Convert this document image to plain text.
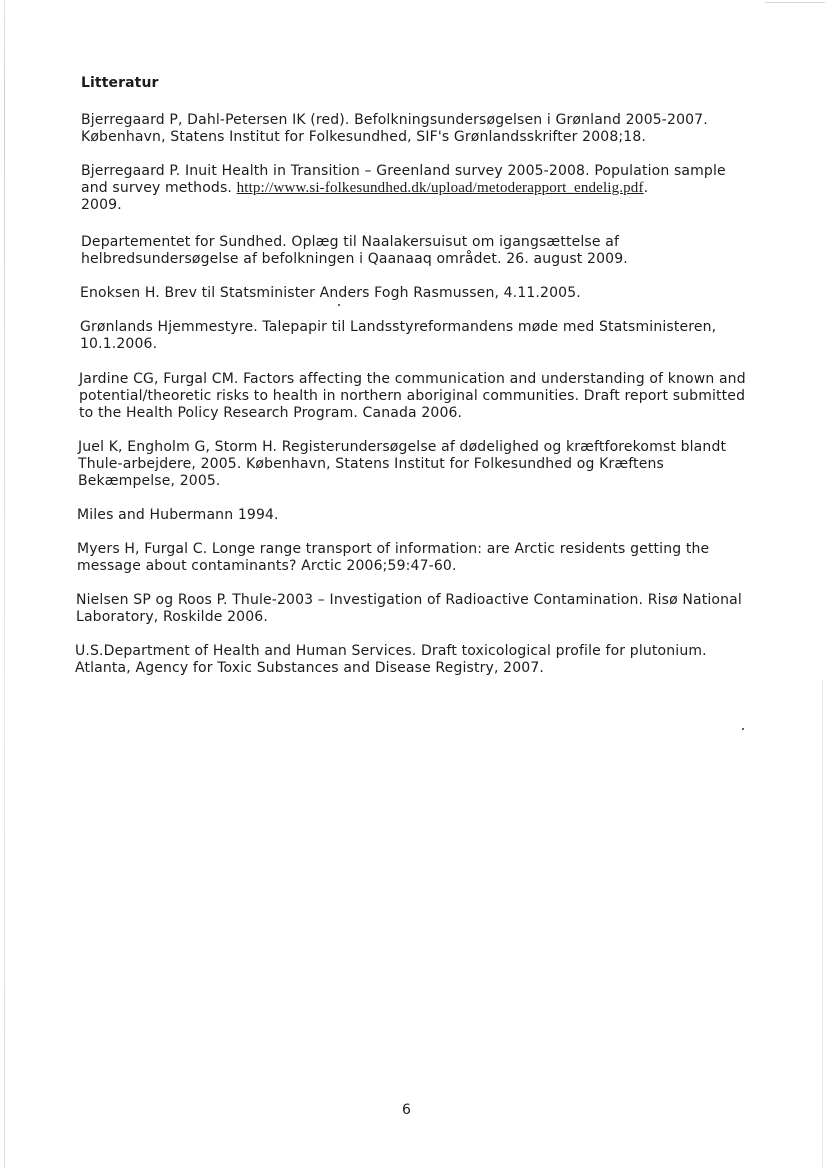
Litteratur
Bjerregaard P, Dahl-Petersen IK (red). Befolkningsundersøgelsen i Grønland 2005-2007.
København, Statens Institut for Folkesundhed, SIF's Grønlandsskrifter 2008;18.
Bjerregaard P. Inuit Health in Transition – Greenland survey 2005-2008. Population sample
and survey methods. http://www.si-folkesundhed.dk/upload/metoderapport_endelig.pdf.
2009.
Departementet for Sundhed. Oplæg til Naalakersuisut om igangsættelse af
helbredsundersøgelse af befolkningen i Qaanaaq området. 26. august 2009.
Enoksen H. Brev til Statsminister Anders Fogh Rasmussen, 4.11.2005.
Grønlands Hjemmestyre. Talepapir til Landsstyreformandens møde med Statsministeren,
10.1.2006.
Jardine CG, Furgal CM. Factors affecting the communication and understanding of known and
potential/theoretic risks to health in northern aboriginal communities. Draft report submitted
to the Health Policy Research Program. Canada 2006.
Juel K, Engholm G, Storm H. Registerundersøgelse af dødelighed og kræftforekomst blandt
Thule-arbejdere, 2005. København, Statens Institut for Folkesundhed og Kræftens
Bekæmpelse, 2005.
Miles and Hubermann 1994.
Myers H, Furgal C. Longe range transport of information: are Arctic residents getting the
message about contaminants? Arctic 2006;59:47-60.
Nielsen SP og Roos P. Thule-2003 – Investigation of Radioactive Contamination. Risø National
Laboratory, Roskilde 2006.
U.S.Department of Health and Human Services. Draft toxicological profile for plutonium.
Atlanta, Agency for Toxic Substances and Disease Registry, 2007.
6
